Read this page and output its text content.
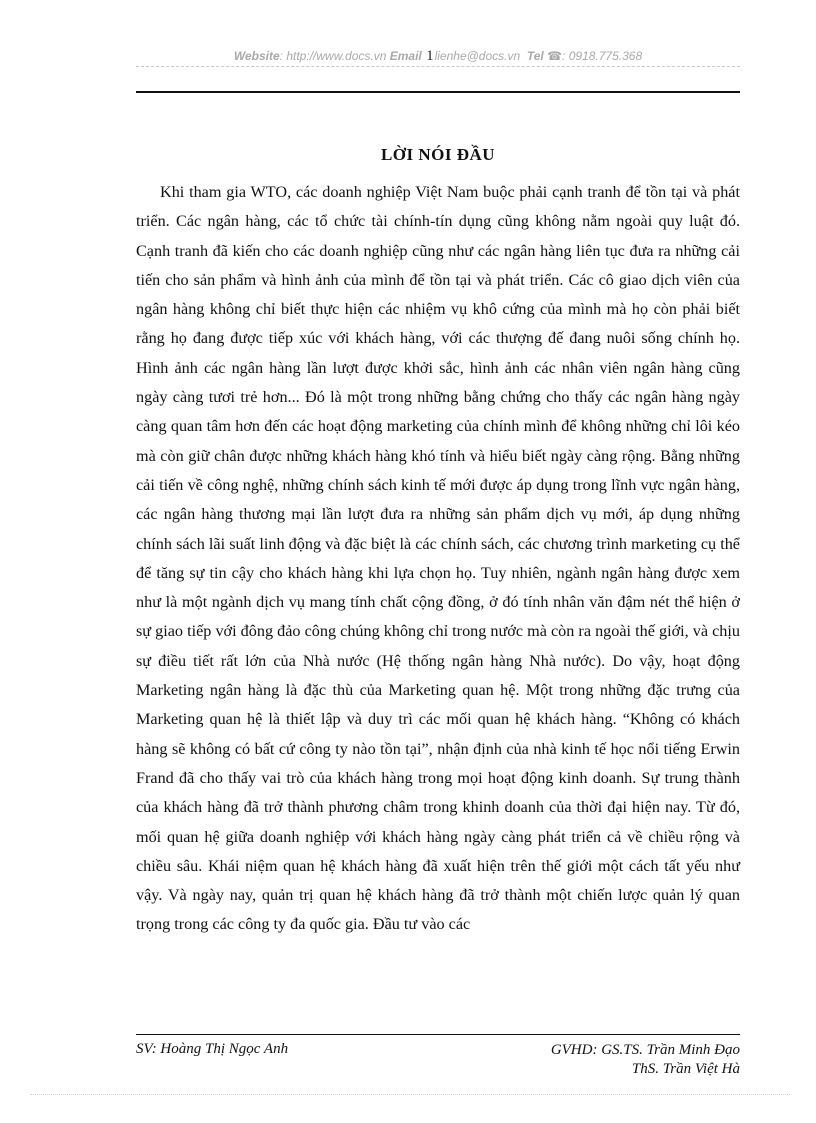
Website: http://www.docs.vn Email 1lienhe@docs.vn Tel ☎: 0918.775.368
LỜI NÓI ĐẦU

Khi tham gia WTO, các doanh nghiệp Việt Nam buộc phải cạnh tranh để tồn tại và phát triển. Các ngân hàng, các tổ chức tài chính-tín dụng cũng không nằm ngoài quy luật đó. Cạnh tranh đã kiến cho các doanh nghiệp cũng như các ngân hàng liên tục đưa ra những cải tiến cho sản phẩm và hình ảnh của mình để tồn tại và phát triển. Các cô giao dịch viên của ngân hàng không chỉ biết thực hiện các nhiệm vụ khô cứng của mình mà họ còn phải biết rằng họ đang được tiếp xúc với khách hàng, với các thượng đế đang nuôi sống chính họ. Hình ảnh các ngân hàng lần lượt được khởi sắc, hình ảnh các nhân viên ngân hàng cũng ngày càng tươi trẻ hơn... Đó là một trong những bằng chứng cho thấy các ngân hàng ngày càng quan tâm hơn đến các hoạt động marketing của chính mình để không những chỉ lôi kéo mà còn giữ chân được những khách hàng khó tính và hiểu biết ngày càng rộng. Bằng những cải tiến về công nghệ, những chính sách kinh tế mới được áp dụng trong lĩnh vực ngân hàng, các ngân hàng thương mại lần lượt đưa ra những sản phẩm dịch vụ mới, áp dụng những chính sách lãi suất linh động và đặc biệt là các chính sách, các chương trình marketing cụ thể để tăng sự tin cậy cho khách hàng khi lựa chọn họ. Tuy nhiên, ngành ngân hàng được xem như là một ngành dịch vụ mang tính chất cộng đồng, ở đó tính nhân văn đậm nét thể hiện ở sự giao tiếp với đông đảo công chúng không chỉ trong nước mà còn ra ngoài thế giới, và chịu sự điều tiết rất lớn của Nhà nước (Hệ thống ngân hàng Nhà nước). Do vậy, hoạt động Marketing ngân hàng là đặc thù của Marketing quan hệ. Một trong những đặc trưng của Marketing quan hệ là thiết lập và duy trì các mối quan hệ khách hàng. “Không có khách hàng sẽ không có bất cứ công ty nào tồn tại”, nhận định của nhà kinh tế học nổi tiếng Erwin Frand đã cho thấy vai trò của khách hàng trong mọi hoạt động kinh doanh. Sự trung thành của khách hàng đã trở thành phương châm trong khinh doanh của thời đại hiện nay. Từ đó, mối quan hệ giữa doanh nghiệp với khách hàng ngày càng phát triển cả về chiều rộng và chiều sâu. Khái niệm quan hệ khách hàng đã xuất hiện trên thế giới một cách tất yếu như vậy. Và ngày nay, quản trị quan hệ khách hàng đã trở thành một chiến lược quản lý quan trọng trong các công ty đa quốc gia. Đầu tư vào các

SV: Hoàng Thị Ngọc Anh	GVHD: GS.TS. Trần Minh Đạo
ThS. Trần Việt Hà
